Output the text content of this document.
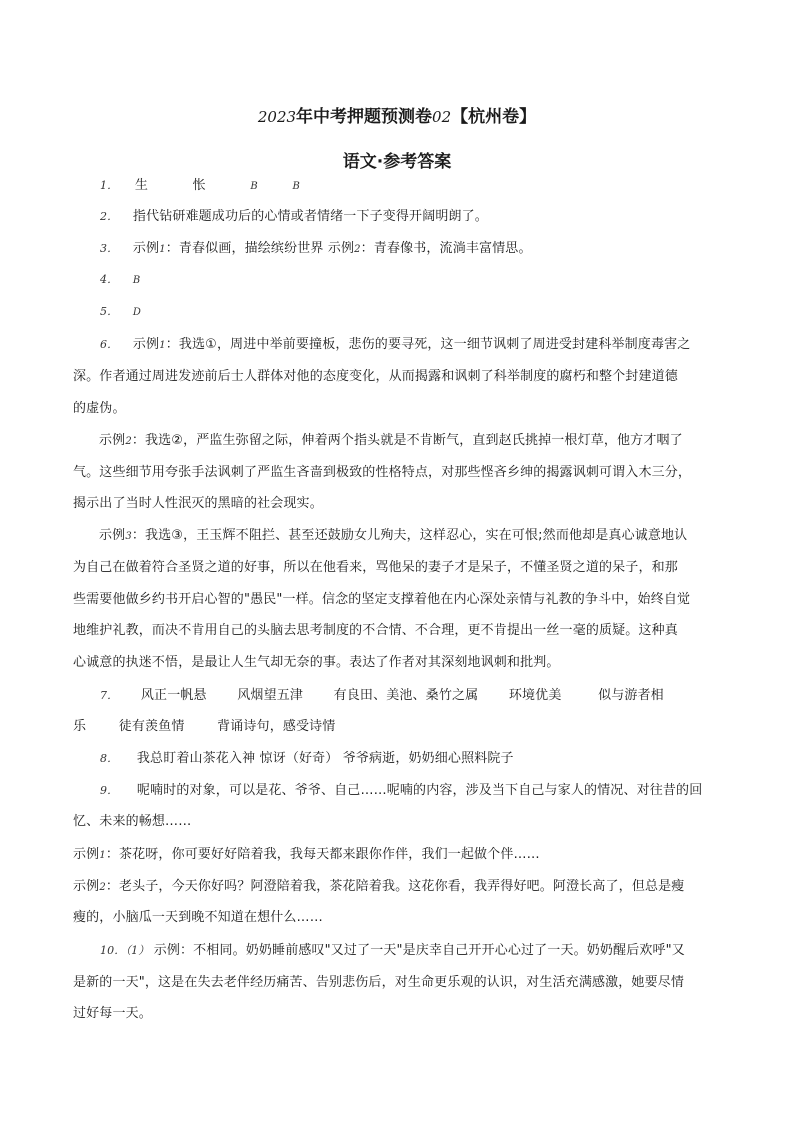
2023年中考押题预测卷02【杭州卷】
语文·参考答案
1． 生	怅	B	B
2． 指代钻研难题成功后的心情或者情绪一下子变得开阔明朗了。
3． 示例1：青春似画，描绘缤纷世界 示例2：青春像书，流淌丰富情思。
4． B
5． D
6． 示例1：我选①，周进中举前要撞板，悲伤的要寻死，这一细节讽刺了周进受封建科举制度毒害之
深。作者通过周进发迹前后士人群体对他的态度变化，从而揭露和讽刺了科举制度的腐朽和整个封建道德
的虚伪。
示例2：我选②，严监生弥留之际，伸着两个指头就是不肯断气，直到赵氏挑掉一根灯草，他方才咽了
气。这些细节用夸张手法讽刺了严监生吝啬到极致的性格特点，对那些悭吝乡绅的揭露讽刺可谓入木三分，
揭示出了当时人性泯灭的黑暗的社会现实。
示例3：我选③，王玉辉不阻拦、甚至还鼓励女儿殉夫，这样忍心，实在可恨;然而他却是真心诚意地认
为自己在做着符合圣贤之道的好事，所以在他看来，骂他呆的妻子才是呆子，不懂圣贤之道的呆子，和那
些需要他做乡约书开启心智的"愚民"一样。信念的坚定支撑着他在内心深处亲情与礼教的争斗中，始终自觉
地维护礼教，而决不肯用自己的头脑去思考制度的不合情、不合理，更不肯提出一丝一毫的质疑。这种真
心诚意的执迷不悟，是最让人生气却无奈的事。表达了作者对其深刻地讽刺和批判。
7． 风正一帆悬 风烟望五津 有良田、美池、桑竹之属 环境优美	似与游者相
乐	徒有羡鱼情	背诵诗句，感受诗情
8． 我总盯着山茶花入神 惊讶（好奇） 爷爷病逝，奶奶细心照料院子
9． 呢喃时的对象，可以是花、爷爷、自己……呢喃的内容，涉及当下自己与家人的情况、对往昔的回
忆、未来的畅想……
示例1：茶花呀，你可要好好陪着我，我每天都来跟你作伴，我们一起做个伴……
示例2：老头子，今天你好吗？阿澄陪着我，茶花陪着我。这花你看，我弄得好吧。阿澄长高了，但总是瘦
瘦的，小脑瓜一天到晚不知道在想什么……
10．（1） 示例：不相同。奶奶睡前感叹"又过了一天"是庆幸自己开开心心过了一天。奶奶醒后欢呼"又
是新的一天"，这是在失去老伴经历痛苦、告别悲伤后，对生命更乐观的认识，对生活充满感激，她要尽情
过好每一天。
